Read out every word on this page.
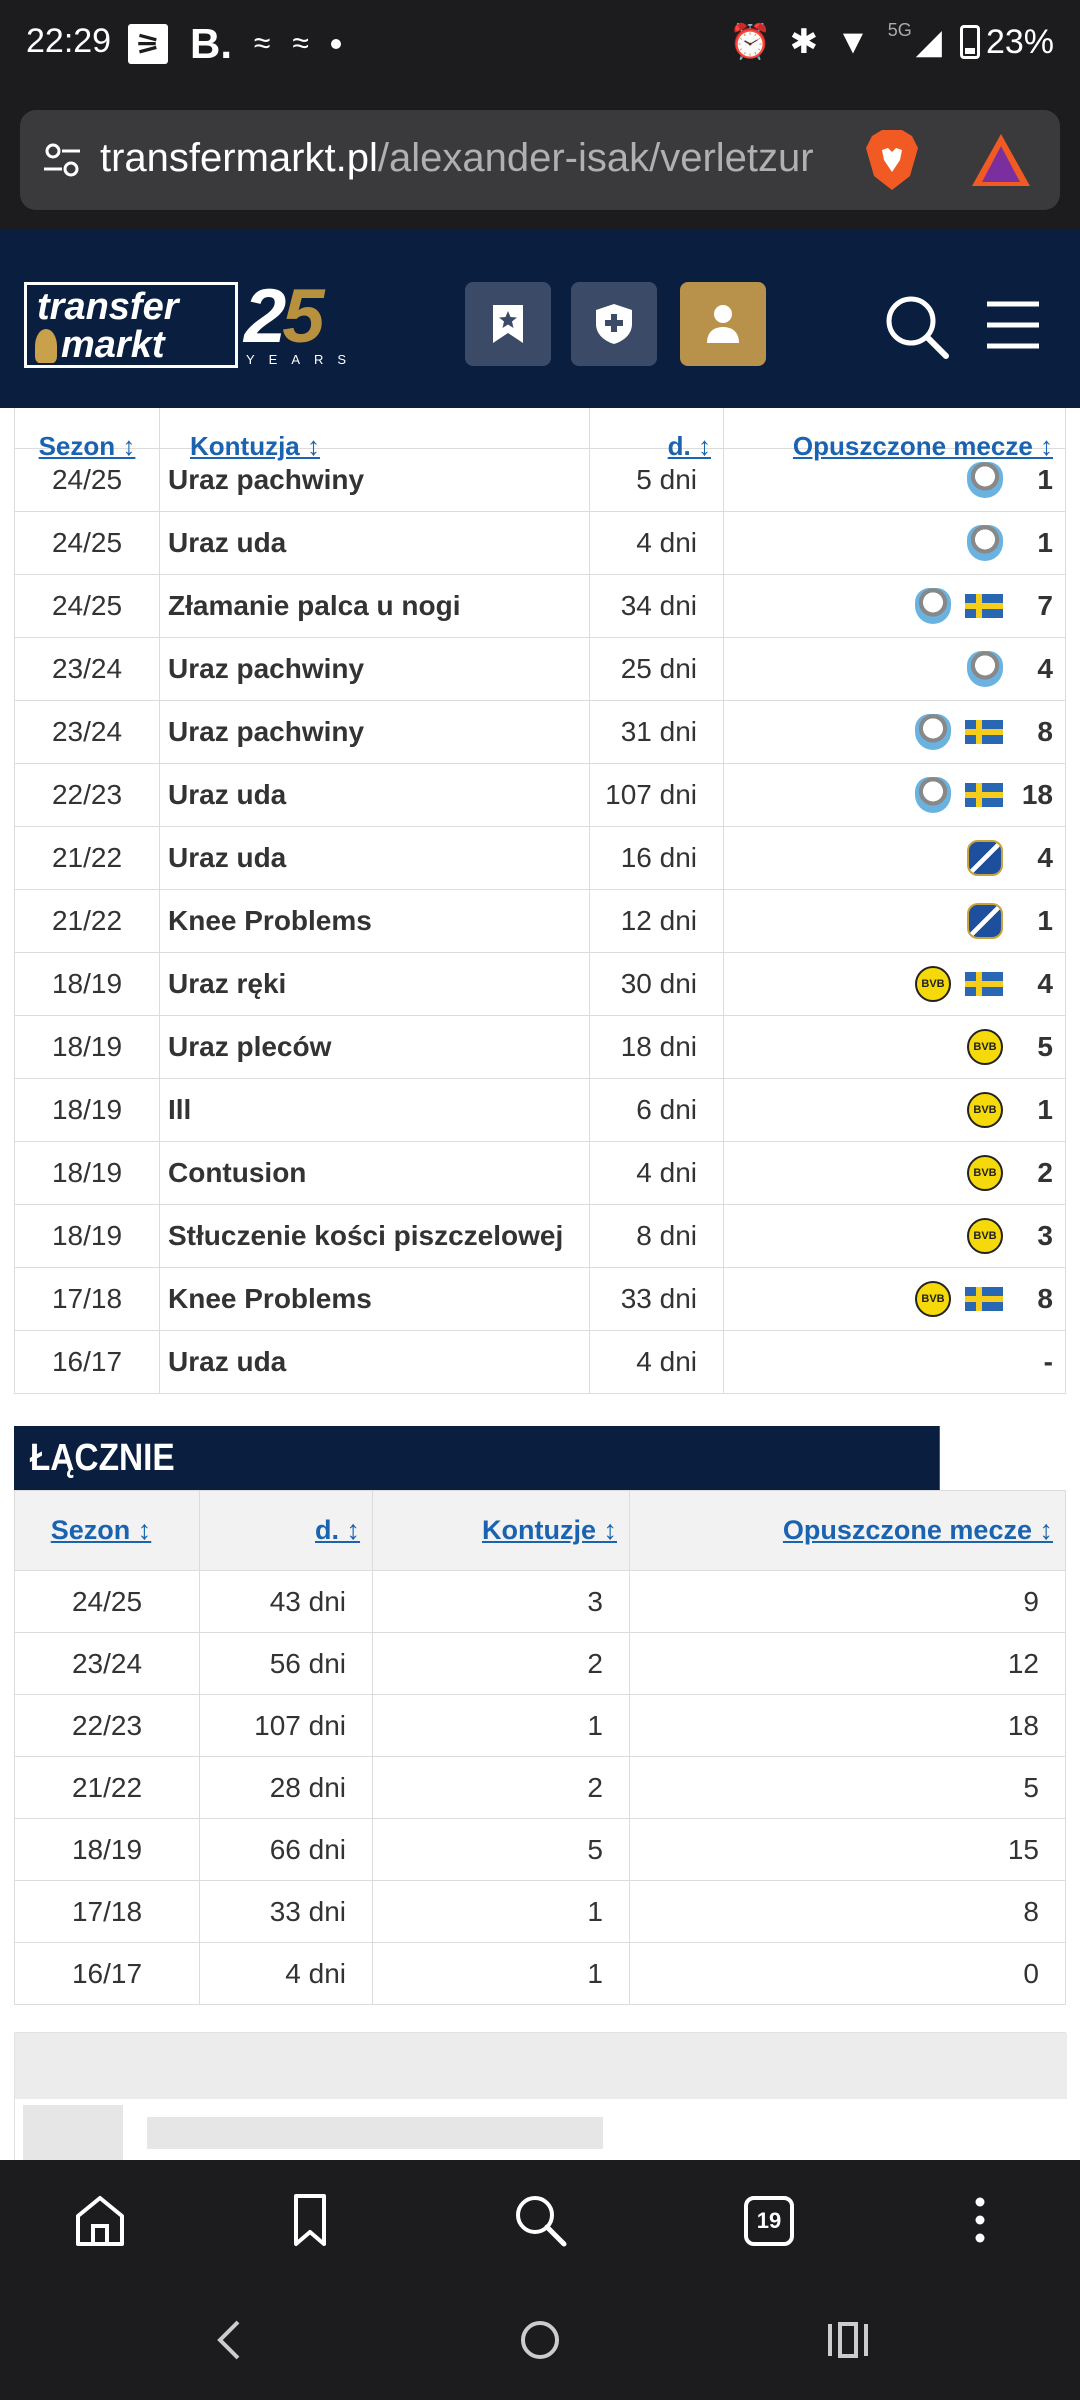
22:29 ⚞ B. ≈ ≈	⏰ ✱ ▼ 5G ◢ 23%
transfermarkt.pl/alexander-isak/verletzur
transfer
markt 25
YEARS
Sezon ↕	Kontuzja ↕	d. ↕	Opuszczone mecze ↕
24/25	Uraz pachwiny	5 dni	1

24/25	Uraz uda	4 dni	1

24/25	Złamanie palca u nogi	34 dni	7

23/24	Uraz pachwiny	25 dni	4

23/24	Uraz pachwiny	31 dni	8

22/23	Uraz uda	107 dni	18

21/22	Uraz uda	16 dni	4

21/22	Knee Problems	12 dni	1

18/19	Uraz ręki	30 dni	BVB 4

18/19	Uraz pleców	18 dni	BVB 5

18/19	Ill	6 dni	BVB 1

18/19	Contusion	4 dni	BVB 2

18/19	Stłuczenie kości piszczelowej	8 dni	BVB 3

17/18	Knee Problems	33 dni	BVB 8

16/17	Uraz uda	4 dni	-
ŁĄCZNIE
Sezon ↕	d. ↕	Kontuzje ↕	Opuszczone mecze ↕
24/25	43 dni	3	9
23/24	56 dni	2	12
22/23	107 dni	1	18
21/22	28 dni	2	5
18/19	66 dni	5	15
17/18	33 dni	1	8
16/17	4 dni	1	0
19
